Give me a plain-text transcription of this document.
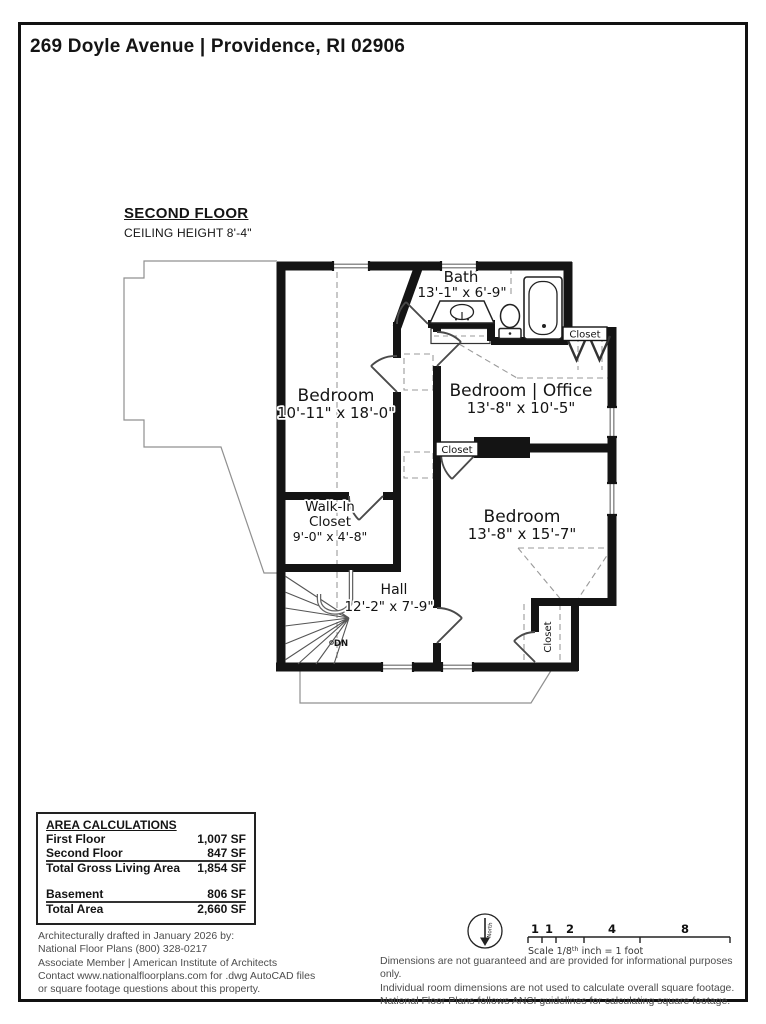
269 Doyle Avenue | Providence, RI 02906
SECOND FLOOR
CEILING HEIGHT 8'-4"
Bath
13'-1" x 6'-9"
Bedroom
10'-11" x 18'-0"
Bedroom | Office
13'-8" x 10'-5"
Bedroom
13'-8" x 15'-7"
Walk-In
Closet
9'-0" x 4'-8"
Hall
12'-2" x 7'-9"
Closet
Closet
Closet
DN
AREA CALCULATIONS
First Floor	1,007 SF
Second Floor	847 SF
Total Gross Living Area 1,854 SF
Basement	806 SF
Total Area	2,660 SF
Architecturally drafted in January 2026 by:
National Floor Plans (800) 328-0217
Associate Member | American Institute of Architects
Contact www.nationalfloorplans.com for .dwg AutoCAD files
or square footage questions about this property.
North	1 1 2	4	8
Scale 1/8th inch = 1 foot
Dimensions are not guaranteed and are provided for informational purposes only.
Individual room dimensions are not used to calculate overall square footage.
National Floor Plans follows ANSI guidelines for calculating square footage.
